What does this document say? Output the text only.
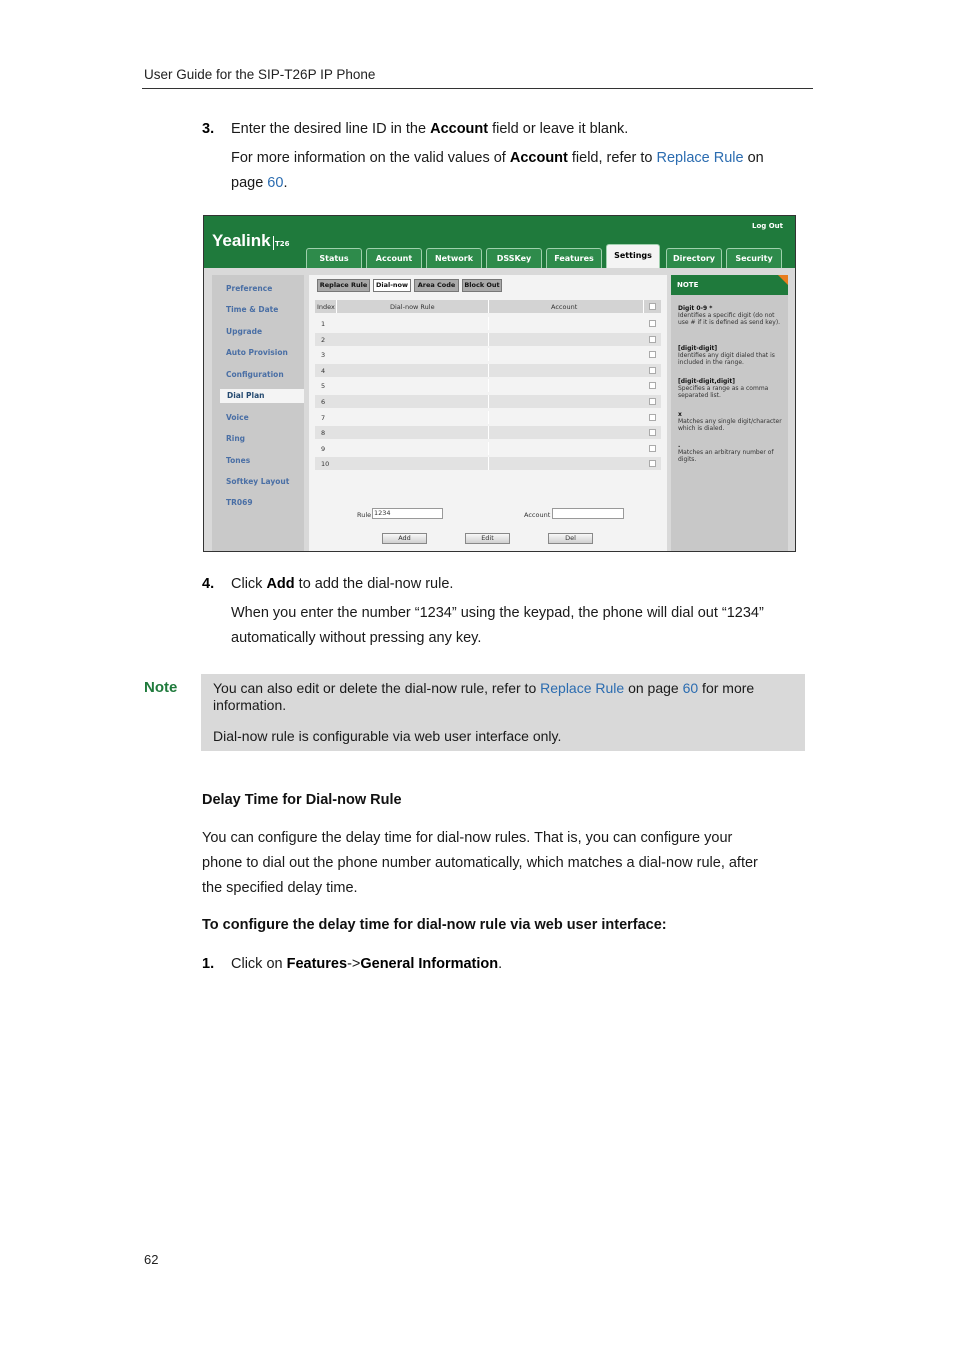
User Guide for the SIP-T26P IP Phone
3. Enter the desired line ID in the Account field or leave it blank.
For more information on the valid values of Account field, refer to Replace Rule on
page 60.
Yealink T26
Log Out
Status	Account	Network	DSSKey	Features	Settings	Directory	Security
Preference
Time & Date
Upgrade
Auto Provision
Configuration
Dial Plan
Voice
Ring
Tones
Softkey Layout
TR069
Replace Rule	Dial-now	Area Code	Block Out
Index	Dial-now Rule	Account
1
2
3
4
5
6
7
8
9
10
Rule 1234	Account
Add	Edit	Del
NOTE
Digit 0-9 *
Identifies a specific digit (do not use # if it is defined as send key).
[digit-digit]
Identifies any digit dialed that is included in the range.
[digit-digit,digit]
Specifies a range as a comma separated list.
x
Matches any single digit/character which is dialed.
.
Matches an arbitrary number of digits.
4. Click Add to add the dial-now rule.
When you enter the number “1234” using the keypad, the phone will dial out “1234”
automatically without pressing any key.
Note	You can also edit or delete the dial-now rule, refer to Replace Rule on page 60 for more
information.
Dial-now rule is configurable via web user interface only.
Delay Time for Dial-now Rule
You can configure the delay time for dial-now rules. That is, you can configure your
phone to dial out the phone number automatically, which matches a dial-now rule, after
the specified delay time.
To configure the delay time for dial-now rule via web user interface:
1. Click on Features->General Information.
62
